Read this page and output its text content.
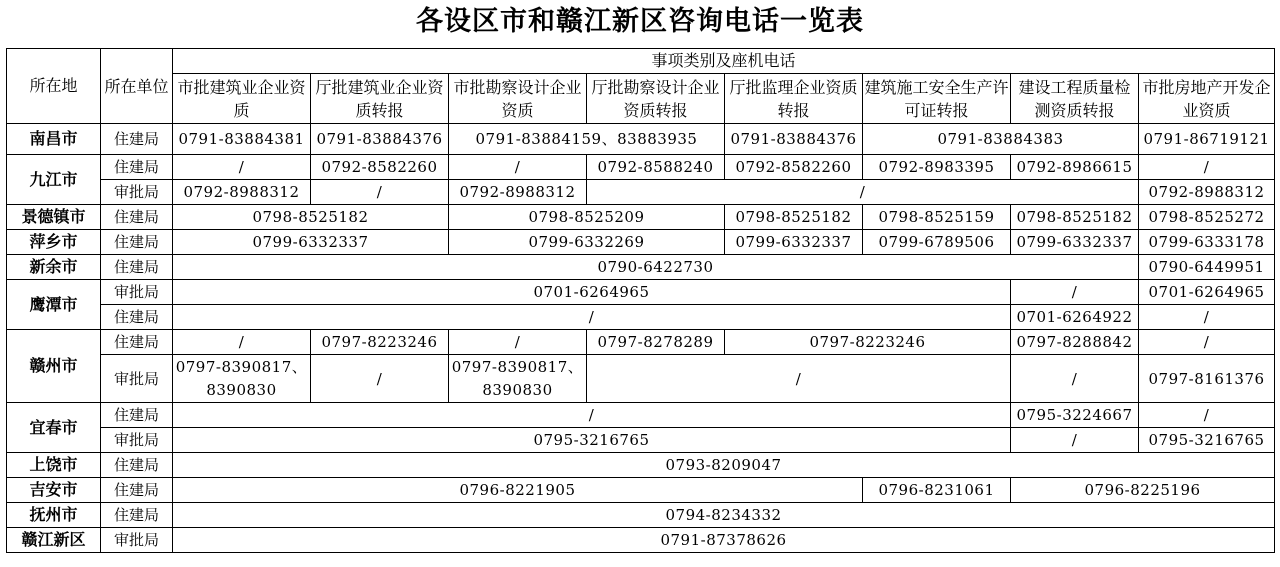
各设区市和赣江新区咨询电话一览表
所在地	所在单位	事项类别及座机电话							
		市批建筑业企业资质	厅批建筑业企业资质转报	市批勘察设计企业资质	厅批勘察设计企业资质转报	厅批监理企业资质转报	建筑施工安全生产许可证转报	建设工程质量检测资质转报	市批房地产开发企业资质
南昌市	住建局	0791-83884381	0791-83884376	0791-83884159、83883935		0791-83884376	0791-83884383		0791-86719121
九江市	住建局	/	0792-8582260	/	0792-8588240	0792-8582260	0792-8983395	0792-8986615	/
	审批局	0792-8988312	/	0792-8988312	/				0792-8988312
景德镇市	住建局	0798-8525182		0798-8525209		0798-8525182	0798-8525159	0798-8525182	0798-8525272
萍乡市	住建局	0799-6332337		0799-6332269		0799-6332337	0799-6789506	0799-6332337	0799-6333178
新余市	住建局	0790-6422730							0790-6449951
鹰潭市	审批局	0701-6264965						/	0701-6264965
	住建局	/						0701-6264922	/
赣州市	住建局	/	0797-8223246	/	0797-8278289	0797-8223246		0797-8288842	/
	审批局	0797-8390817、8390830	/	0797-8390817、8390830	/			/	0797-8161376
宜春市	住建局	/						0795-3224667	/
	审批局	0795-3216765						/	0795-3216765
上饶市	住建局	0793-8209047							
吉安市	住建局	0796-8221905					0796-8231061	0796-8225196	
抚州市	住建局	0794-8234332							
赣江新区	审批局	0791-87378626							
